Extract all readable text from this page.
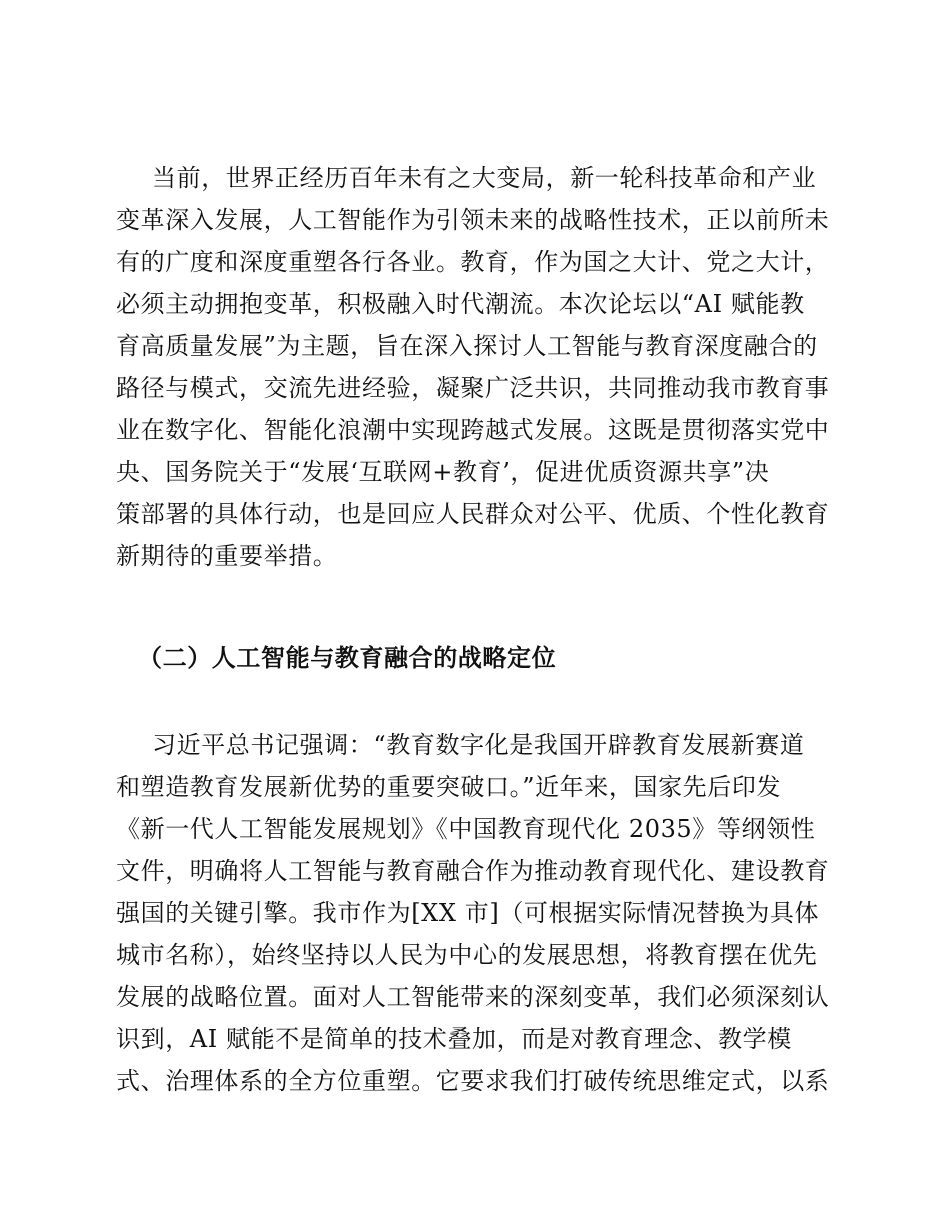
当前，世界正经历百年未有之大变局，新一轮科技革命和产业

变革深入发展，人工智能作为引领未来的战略性技术，正以前所未

有的广度和深度重塑各行各业。教育，作为国之大计、党之大计，

必须主动拥抱变革，积极融入时代潮流。本次论坛以“AI 赋能教

育高质量发展”为主题，旨在深入探讨人工智能与教育深度融合的

路径与模式，交流先进经验，凝聚广泛共识，共同推动我市教育事

业在数字化、智能化浪潮中实现跨越式发展。这既是贯彻落实党中

央、国务院关于“发展‘互联网+教育’，促进优质资源共享”决

策部署的具体行动，也是回应人民群众对公平、优质、个性化教育

新期待的重要举措。

（二）人工智能与教育融合的战略定位

习近平总书记强调：“教育数字化是我国开辟教育发展新赛道

和塑造教育发展新优势的重要突破口。”近年来，国家先后印发

《新一代人工智能发展规划》《中国教育现代化 2035》等纲领性

文件，明确将人工智能与教育融合作为推动教育现代化、建设教育

强国的关键引擎。我市作为[XX 市]（可根据实际情况替换为具体

城市名称），始终坚持以人民为中心的发展思想，将教育摆在优先

发展的战略位置。面对人工智能带来的深刻变革，我们必须深刻认

识到，AI 赋能不是简单的技术叠加，而是对教育理念、教学模

式、治理体系的全方位重塑。它要求我们打破传统思维定式，以系
